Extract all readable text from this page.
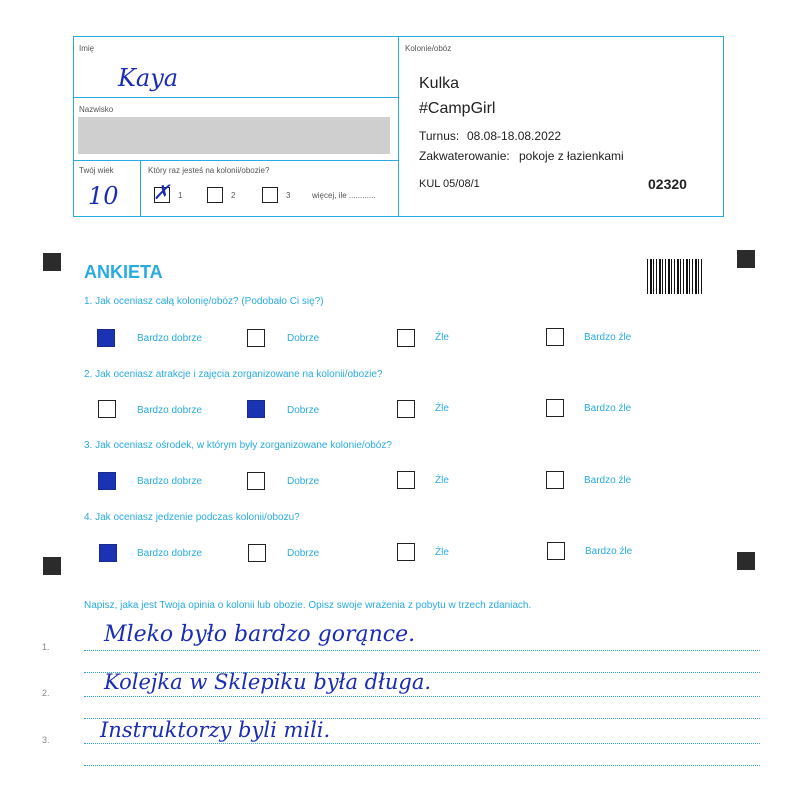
Imię
Kaya
Nazwisko
Twój wiek
10
Który raz jesteś na kolonii/obozie?
✗ 1	2	3	więcej, ile ............
Kolonie/obóz
Kulka
#CampGirl
Turnus: 08.08-18.08.2022
Zakwaterowanie: pokoje z łazienkami
KUL 05/08/1	02320
ANKIETA
1. Jak oceniasz całą kolonię/obóz? (Podobało Ci się?)
Bardzo dobrze	Dobrze	Źle	Bardzo źle
2. Jak oceniasz atrakcje i zajęcia zorganizowane na kolonii/obozie?
Bardzo dobrze	Dobrze	Źle	Bardzo źle
3. Jak oceniasz ośrodek, w którym były zorganizowane kolonie/obóz?
Bardzo dobrze	Dobrze	Źle	Bardzo źle
4. Jak oceniasz jedzenie podczas kolonii/obozu?
Bardzo dobrze	Dobrze	Źle	Bardzo źle
Napisz, jaka jest Twoja opinia o kolonii lub obozie. Opisz swoje wrażenia z pobytu w trzech zdaniach.
1. Mleko było bardzo gorąnce.
2.	Kolejka w Sklepiku była długa.
3. Instruktorzy byli mili.
